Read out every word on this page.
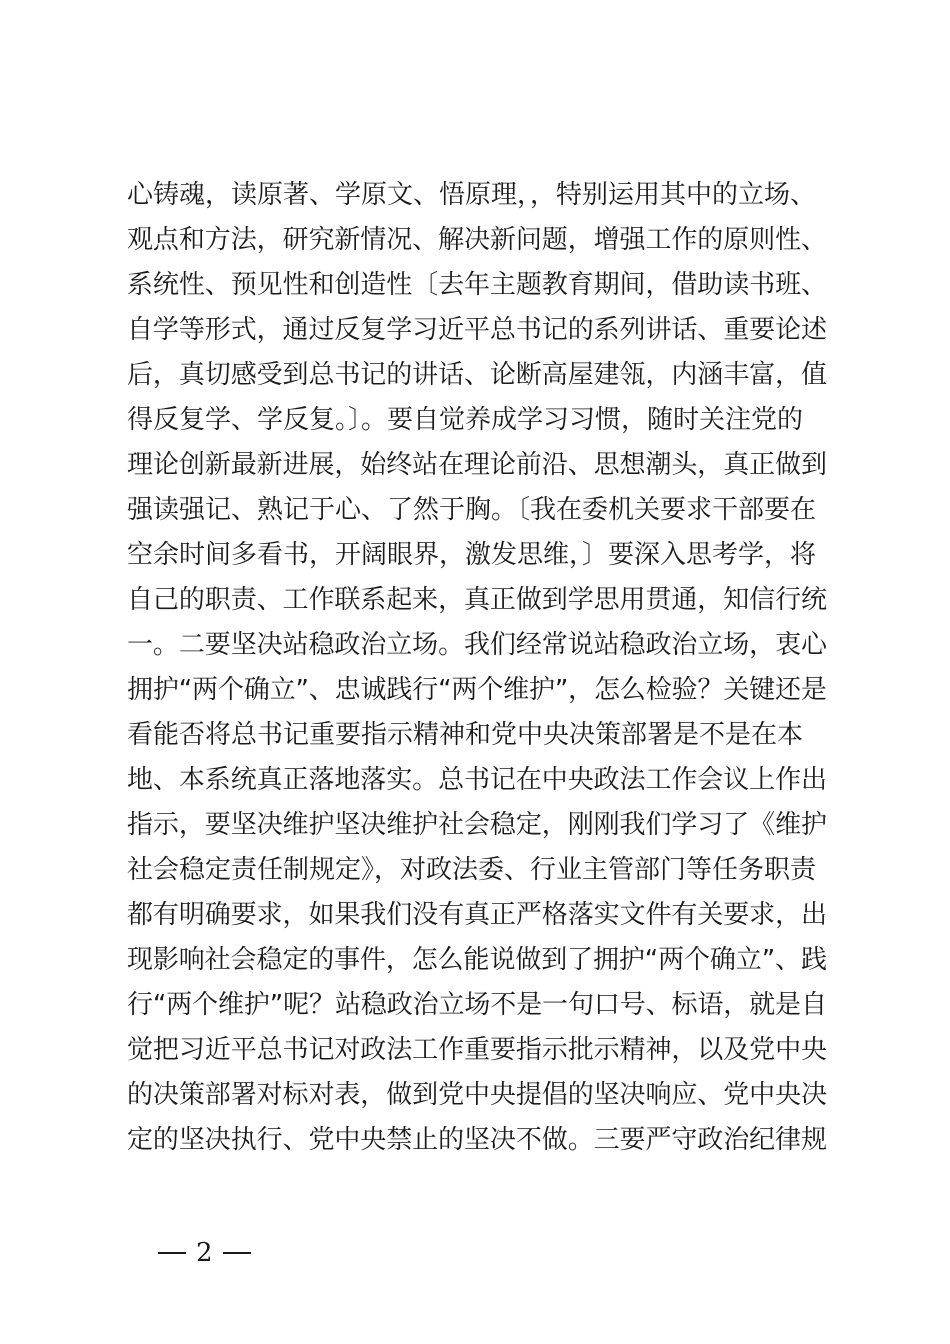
心铸魂，读原著、学原文、悟原理，，特别运用其中的立场、
观点和方法，研究新情况、解决新问题，增强工作的原则性、
系统性、预见性和创造性〔去年主题教育期间，借助读书班、
自学等形式，通过反复学习近平总书记的系列讲话、重要论述
后，真切感受到总书记的讲话、论断高屋建瓴，内涵丰富，值
得反复学、学反复。〕。要自觉养成学习习惯，随时关注党的
理论创新最新进展，始终站在理论前沿、思想潮头，真正做到
强读强记、熟记于心、了然于胸。〔我在委机关要求干部要在
空余时间多看书，开阔眼界，激发思维，〕要深入思考学，将
自己的职责、工作联系起来，真正做到学思用贯通，知信行统
一。二要坚决站稳政治立场。我们经常说站稳政治立场，衷心
拥护“两个确立”、忠诚践行“两个维护”，怎么检验？关键还是
看能否将总书记重要指示精神和党中央决策部署是不是在本
地、本系统真正落地落实。总书记在中央政法工作会议上作出
指示，要坚决维护坚决维护社会稳定，刚刚我们学习了《维护
社会稳定责任制规定》，对政法委、行业主管部门等任务职责
都有明确要求，如果我们没有真正严格落实文件有关要求，出
现影响社会稳定的事件，怎么能说做到了拥护“两个确立”、践
行“两个维护”呢？站稳政治立场不是一句口号、标语，就是自
觉把习近平总书记对政法工作重要指示批示精神，以及党中央
的决策部署对标对表，做到党中央提倡的坚决响应、党中央决
定的坚决执行、党中央禁止的坚决不做。三要严守政治纪律规
2
